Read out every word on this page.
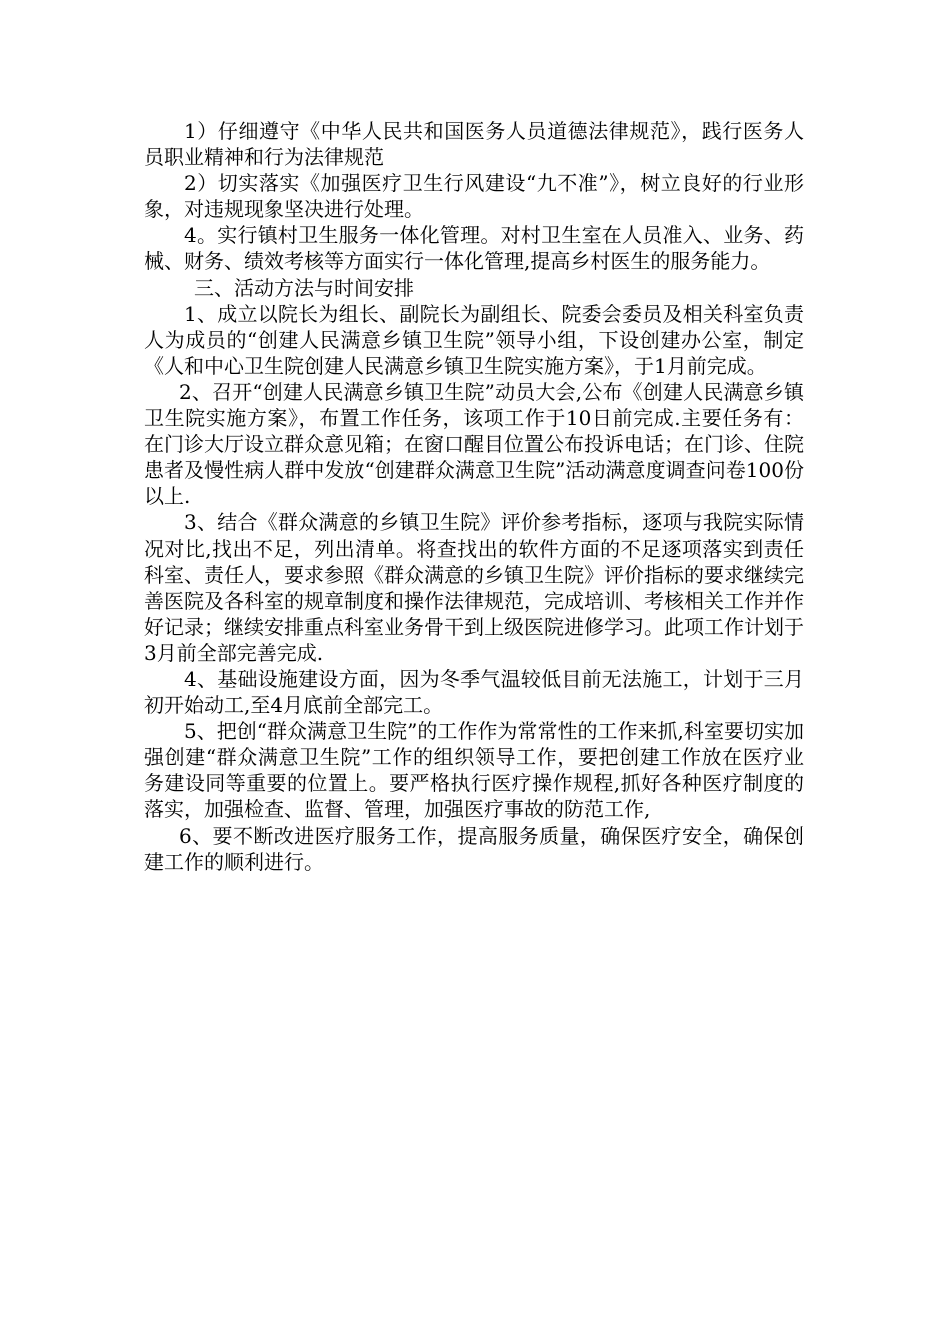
1）仔细遵守《中华人民共和国医务人员道德法律规范》，践行医务人员职业精神和行为法律规范

2）切实落实《加强医疗卫生行风建设“九不准”》，树立良好的行业形象，对违规现象坚决进行处理。

4。实行镇村卫生服务一体化管理。对村卫生室在人员准入、业务、药械、财务、绩效考核等方面实行一体化管理,提高乡村医生的服务能力。

三、活动方法与时间安排

1、成立以院长为组长、副院长为副组长、院委会委员及相关科室负责人为成员的“创建人民满意乡镇卫生院”领导小组，下设创建办公室，制定《人和中心卫生院创建人民满意乡镇卫生院实施方案》，于1月前完成。

2、召开“创建人民满意乡镇卫生院”动员大会,公布《创建人民满意乡镇卫生院实施方案》，布置工作任务，该项工作于10日前完成.主要任务有：在门诊大厅设立群众意见箱；在窗口醒目位置公布投诉电话；在门诊、住院患者及慢性病人群中发放“创建群众满意卫生院”活动满意度调查问卷100份以上.

3、结合《群众满意的乡镇卫生院》评价参考指标，逐项与我院实际情况对比,找出不足，列出清单。将查找出的软件方面的不足逐项落实到责任科室、责任人，要求参照《群众满意的乡镇卫生院》评价指标的要求继续完善医院及各科室的规章制度和操作法律规范，完成培训、考核相关工作并作好记录；继续安排重点科室业务骨干到上级医院进修学习。此项工作计划于3月前全部完善完成.

4、基础设施建设方面，因为冬季气温较低目前无法施工，计划于三月初开始动工,至4月底前全部完工。

5、把创“群众满意卫生院”的工作作为常常性的工作来抓,科室要切实加强创建“群众满意卫生院”工作的组织领导工作，要把创建工作放在医疗业务建设同等重要的位置上。要严格执行医疗操作规程,抓好各种医疗制度的落实，加强检查、监督、管理，加强医疗事故的防范工作,

6、要不断改进医疗服务工作，提高服务质量，确保医疗安全，确保创建工作的顺利进行。
